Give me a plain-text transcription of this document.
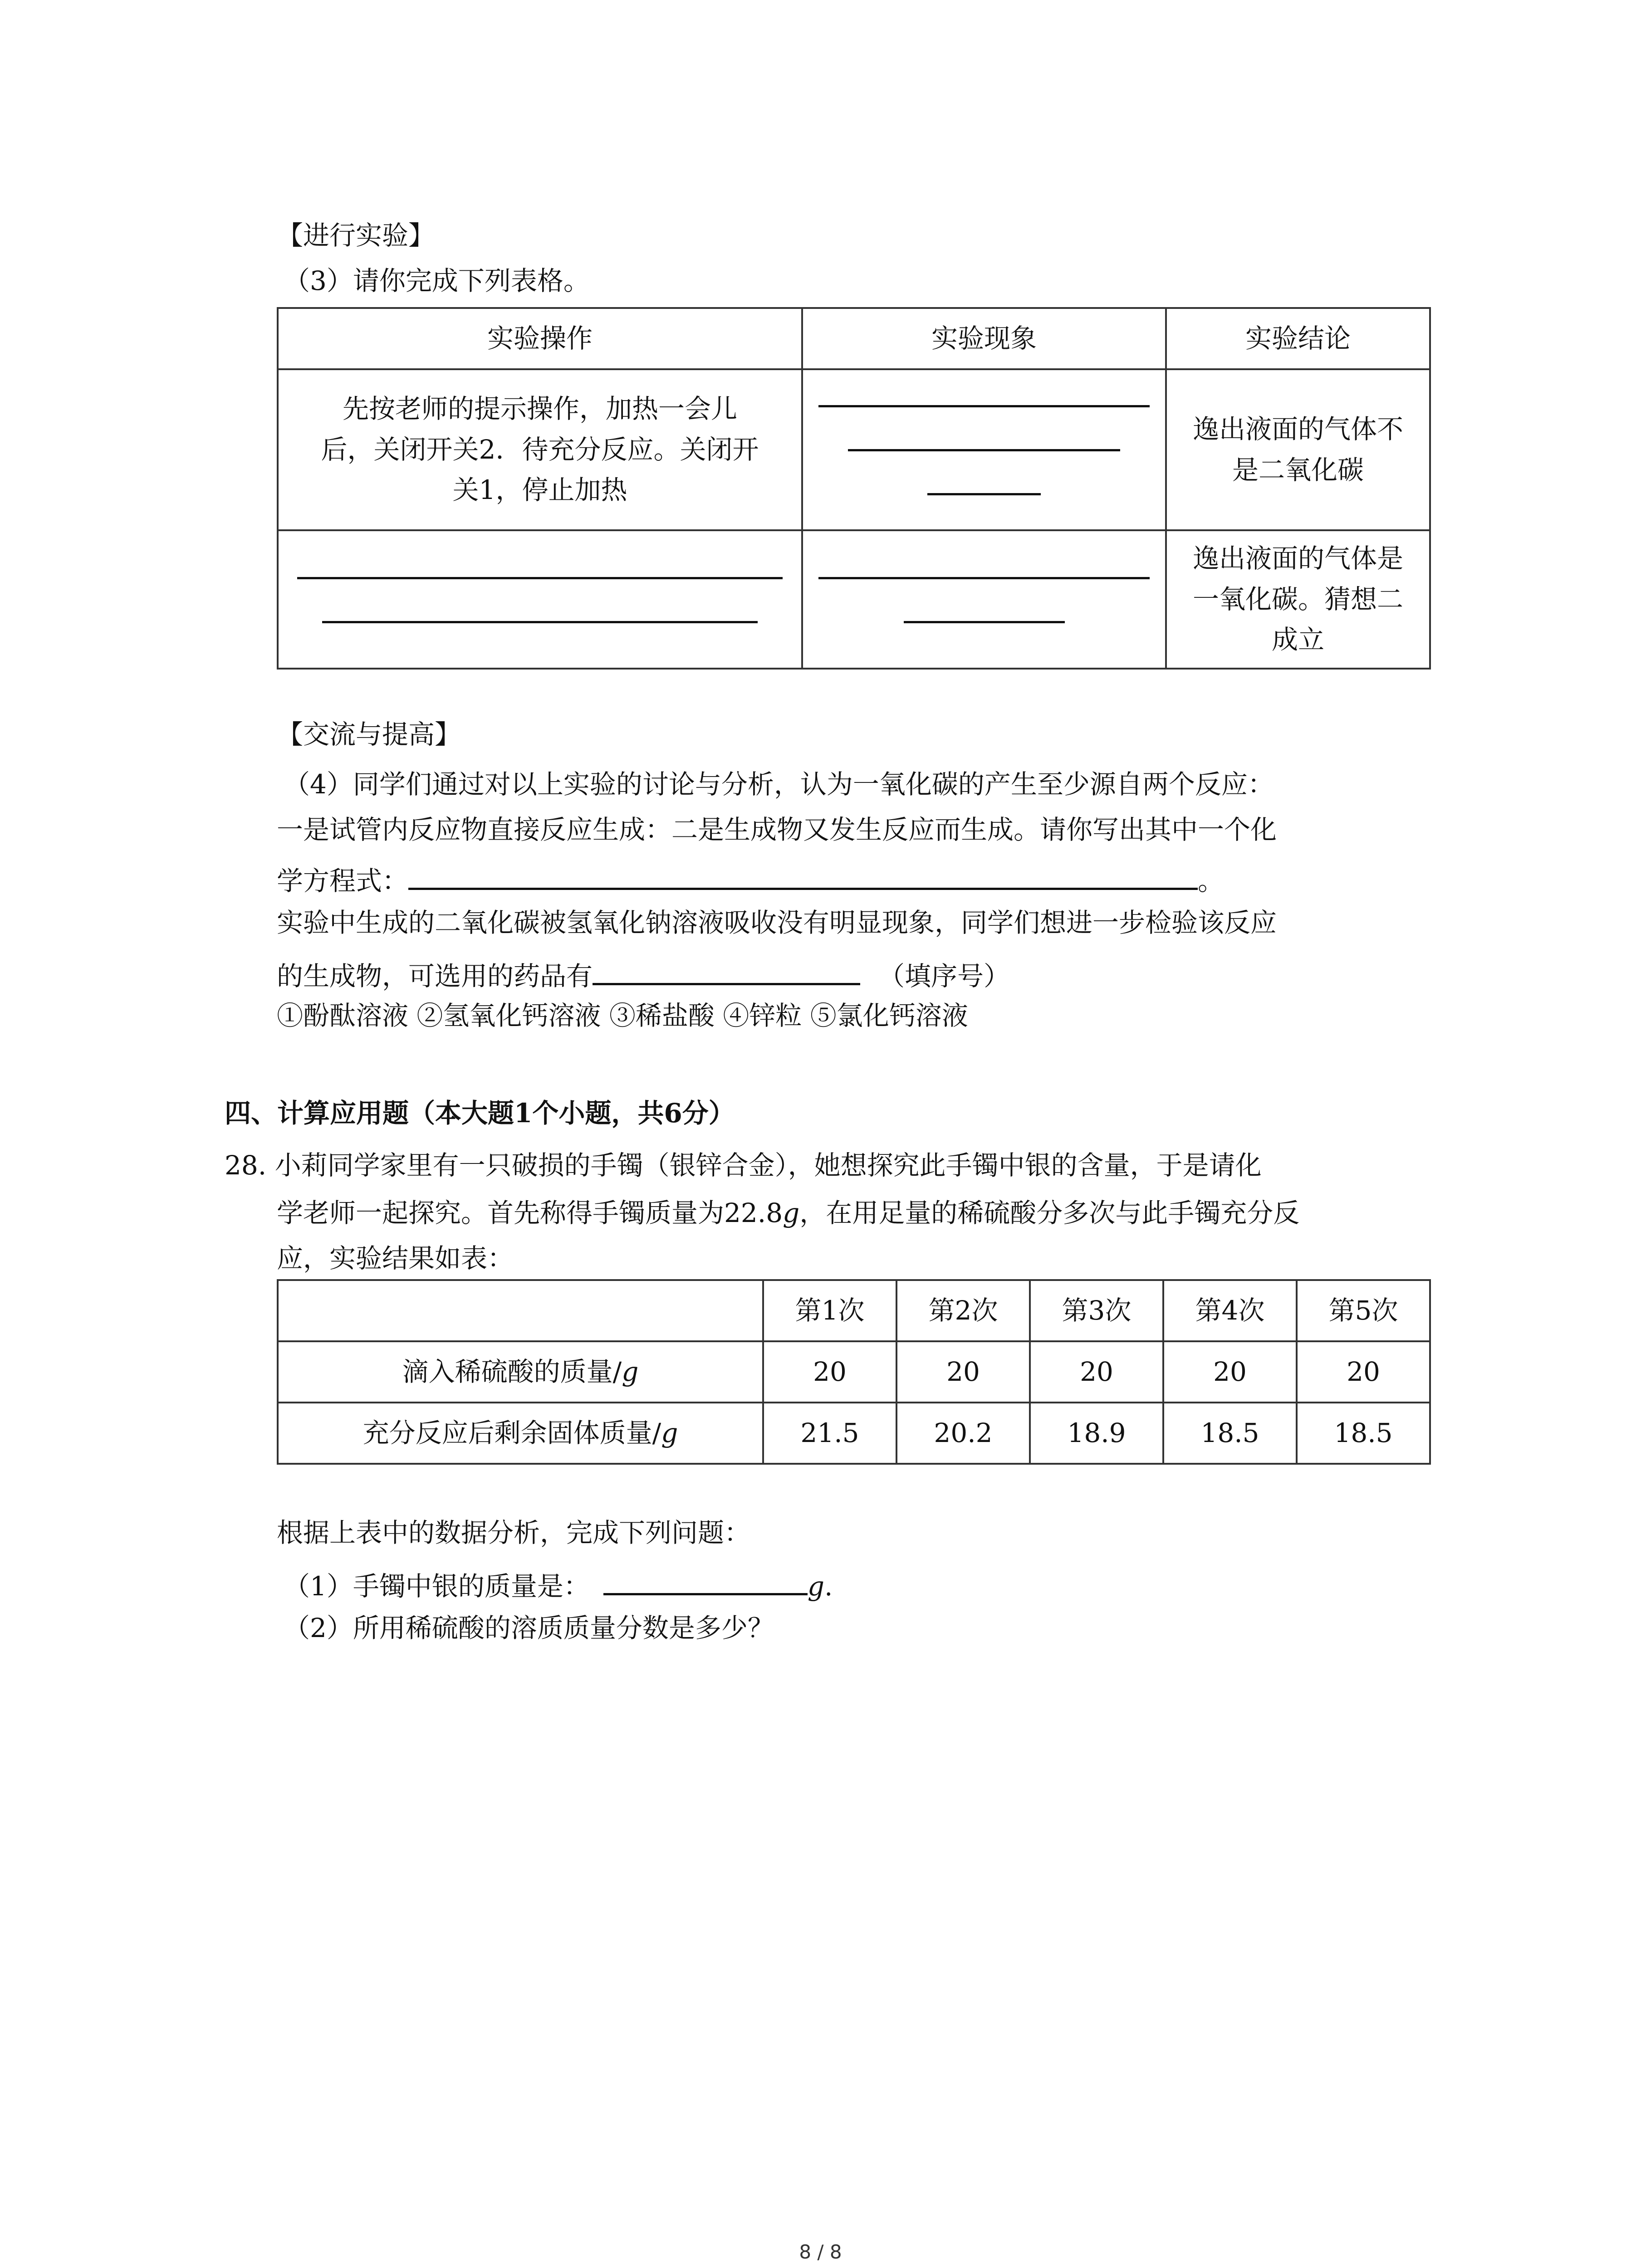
【进行实验】
（3）请你完成下列表格。
实验操作	实验现象	实验结论

先按老师的提示操作，加热一会儿
后，关闭开关2．待充分反应。关闭开
关1，停止加热		逸出液面的气体不
是二氧化碳

		逸出液面的气体是
一氧化碳。猜想二
成立
【交流与提高】
（4）同学们通过对以上实验的讨论与分析，认为一氧化碳的产生至少源自两个反应：
一是试管内反应物直接反应生成：二是生成物又发生反应而生成。请你写出其中一个化
学方程式：	。
实验中生成的二氧化碳被氢氧化钠溶液吸收没有明显现象，同学们想进一步检验该反应
的生成物，可选用的药品有	（填序号）
①酚酞溶液 ②氢氧化钙溶液 ③稀盐酸 ④锌粒 ⑤氯化钙溶液
四、计算应用题（本大题1个小题，共6分）
28. 小莉同学家里有一只破损的手镯（银锌合金），她想探究此手镯中银的含量，于是请化
学老师一起探究。首先称得手镯质量为22.8g，在用足量的稀硫酸分多次与此手镯充分反
应，实验结果如表：
	第1次	第2次	第3次	第4次	第5次
滴入稀硫酸的质量/g	20	20	20	20	20
充分反应后剩余固体质量/g	21.5	20.2	18.9	18.5	18.5
根据上表中的数据分析，完成下列问题：
（1）手镯中银的质量是：	g.
（2）所用稀硫酸的溶质质量分数是多少？
8 / 8
